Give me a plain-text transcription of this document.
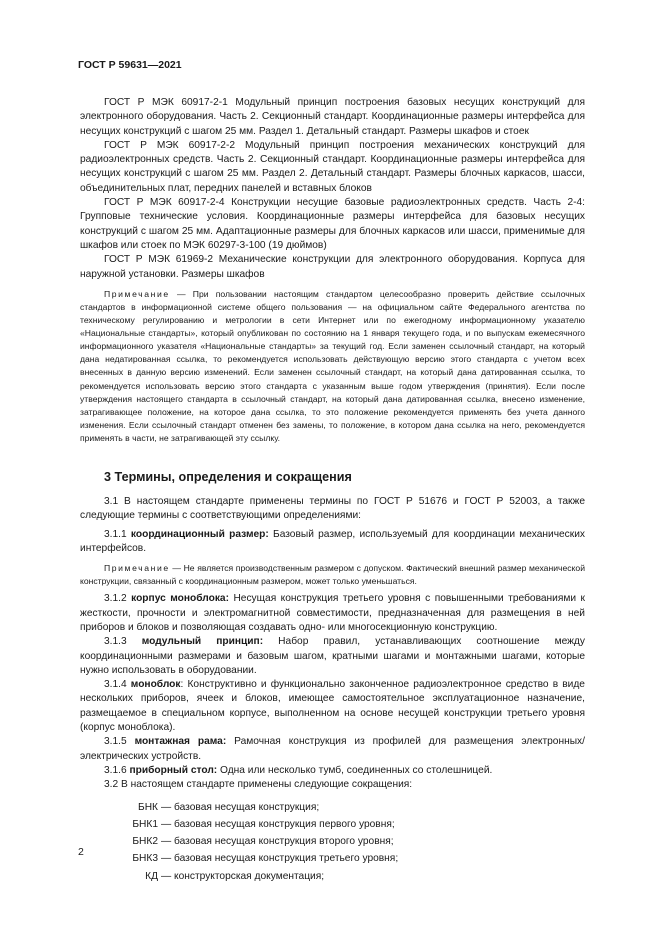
ГОСТ Р 59631—2021

ГОСТ Р МЭК 60917-2-1 Модульный принцип построения базовых несущих конструкций для электронного оборудования. Часть 2. Секционный стандарт. Координационные размеры интерфейса для несущих конструкций с шагом 25 мм. Раздел 1. Детальный стандарт. Размеры шкафов и стоек

ГОСТ Р МЭК 60917-2-2 Модульный принцип построения механических конструкций для радиоэлектронных средств. Часть 2. Секционный стандарт. Координационные размеры интерфейса для несущих конструкций с шагом 25 мм. Раздел 2. Детальный стандарт. Размеры блочных каркасов, шасси, объединительных плат, передних панелей и вставных блоков

ГОСТ Р МЭК 60917-2-4 Конструкции несущие базовые радиоэлектронных средств. Часть 2-4: Групповые технические условия. Координационные размеры интерфейса для базовых несущих конструкций с шагом 25 мм. Адаптационные размеры для блочных каркасов или шасси, применимые для шкафов или стоек по МЭК 60297-3-100 (19 дюймов)

ГОСТ Р МЭК 61969-2 Механические конструкции для электронного оборудования. Корпуса для наружной установки. Размеры шкафов

Примечание — При пользовании настоящим стандартом целесообразно проверить действие ссылочных стандартов в информационной системе общего пользования — на официальном сайте Федерального агентства по техническому регулированию и метрологии в сети Интернет или по ежегодному информационному указателю «Национальные стандарты», который опубликован по состоянию на 1 января текущего года, и по выпускам ежемесячного информационного указателя «Национальные стандарты» за текущий год. Если заменен ссылочный стандарт, на который дана недатированная ссылка, то рекомендуется использовать действующую версию этого стандарта с учетом всех внесенных в данную версию изменений. Если заменен ссылочный стандарт, на который дана датированная ссылка, то рекомендуется использовать версию этого стандарта с указанным выше годом утверждения (принятия). Если после утверждения настоящего стандарта в ссылочный стандарт, на который дана датированная ссылка, внесено изменение, затрагивающее положение, на которое дана ссылка, то это положение рекомендуется применять без учета данного изменения. Если ссылочный стандарт отменен без замены, то положение, в котором дана ссылка на него, рекомендуется применять в части, не затрагивающей эту ссылку.

3 Термины, определения и сокращения

3.1 В настоящем стандарте применены термины по ГОСТ Р 51676 и ГОСТ Р 52003, а также следующие термины с соответствующими определениями:

3.1.1 координационный размер: Базовый размер, используемый для координации механических интерфейсов.

Примечание — Не является производственным размером с допуском. Фактический внешний размер механической конструкции, связанный с координационным размером, может только уменьшаться.

3.1.2 корпус моноблока: Несущая конструкция третьего уровня с повышенными требованиями к жесткости, прочности и электромагнитной совместимости, предназначенная для размещения в ней приборов и блоков и позволяющая создавать одно- или многосекционную конструкцию.

3.1.3 модульный принцип: Набор правил, устанавливающих соотношение между координационными размерами и базовым шагом, кратными шагами и монтажными шагами, которые нужно использовать в оборудовании.

3.1.4 моноблок: Конструктивно и функционально законченное радиоэлектронное средство в виде нескольких приборов, ячеек и блоков, имеющее самостоятельное эксплуатационное назначение, размещаемое в специальном корпусе, выполненном на основе несущей конструкции третьего уровня (корпус моноблока).

3.1.5 монтажная рама: Рамочная конструкция из профилей для размещения электронных/электрических устройств.

3.1.6 приборный стол: Одна или несколько тумб, соединенных со столешницей.

3.2 В настоящем стандарте применены следующие сокращения:

БНК — базовая несущая конструкция;
БНК1 — базовая несущая конструкция первого уровня;
БНК2 — базовая несущая конструкция второго уровня;
БНК3 — базовая несущая конструкция третьего уровня;
КД — конструкторская документация;
2
